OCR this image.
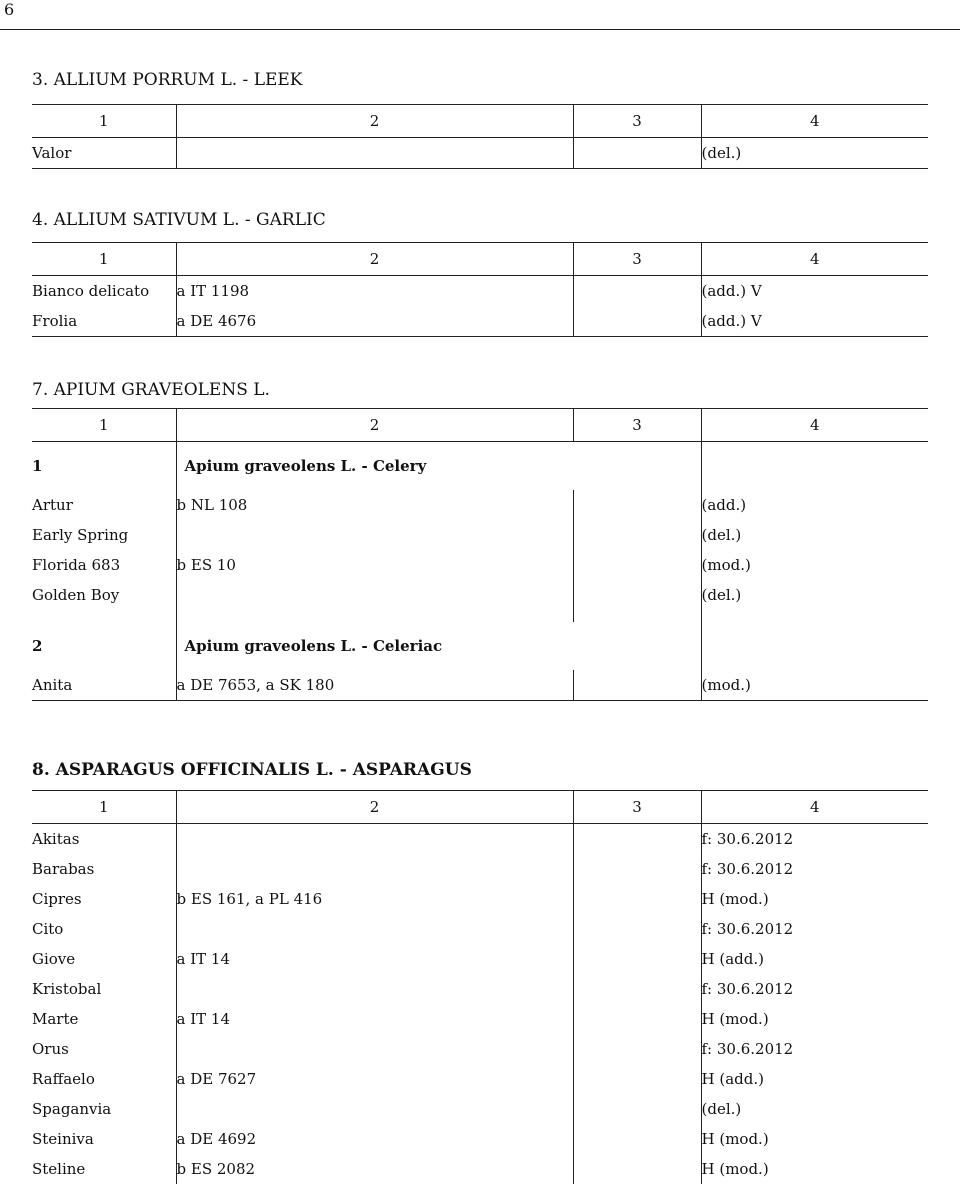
6
3. ALLIUM PORRUM L. - LEEK
1	2	3	4
Valor			(del.)
4. ALLIUM SATIVUM L. - GARLIC
1	2	3	4
Bianco delicato	a IT 1198		(add.) V
Frolia	a DE 4676		(add.) V
7. APIUM GRAVEOLENS L.
1	2	3	4
1	Apium graveolens L. - Celery		
Artur	b NL 108		(add.)
Early Spring			(del.)
Florida 683	b ES 10		(mod.)
Golden Boy			(del.)

2	Apium graveolens L. - Celeriac		
Anita	a DE 7653, a SK 180		(mod.)
8. ASPARAGUS OFFICINALIS L. - ASPARAGUS
1	2	3	4
Akitas			f: 30.6.2012
Barabas			f: 30.6.2012
Cipres	b ES 161, a PL 416		H (mod.)
Cito			f: 30.6.2012
Giove	a IT 14		H (add.)
Kristobal			f: 30.6.2012
Marte	a IT 14		H (mod.)
Orus			f: 30.6.2012
Raffaelo	a DE 7627		H (add.)
Spaganvia			(del.)
Steiniva	a DE 4692		H (mod.)
Steline	b ES 2082		H (mod.)
